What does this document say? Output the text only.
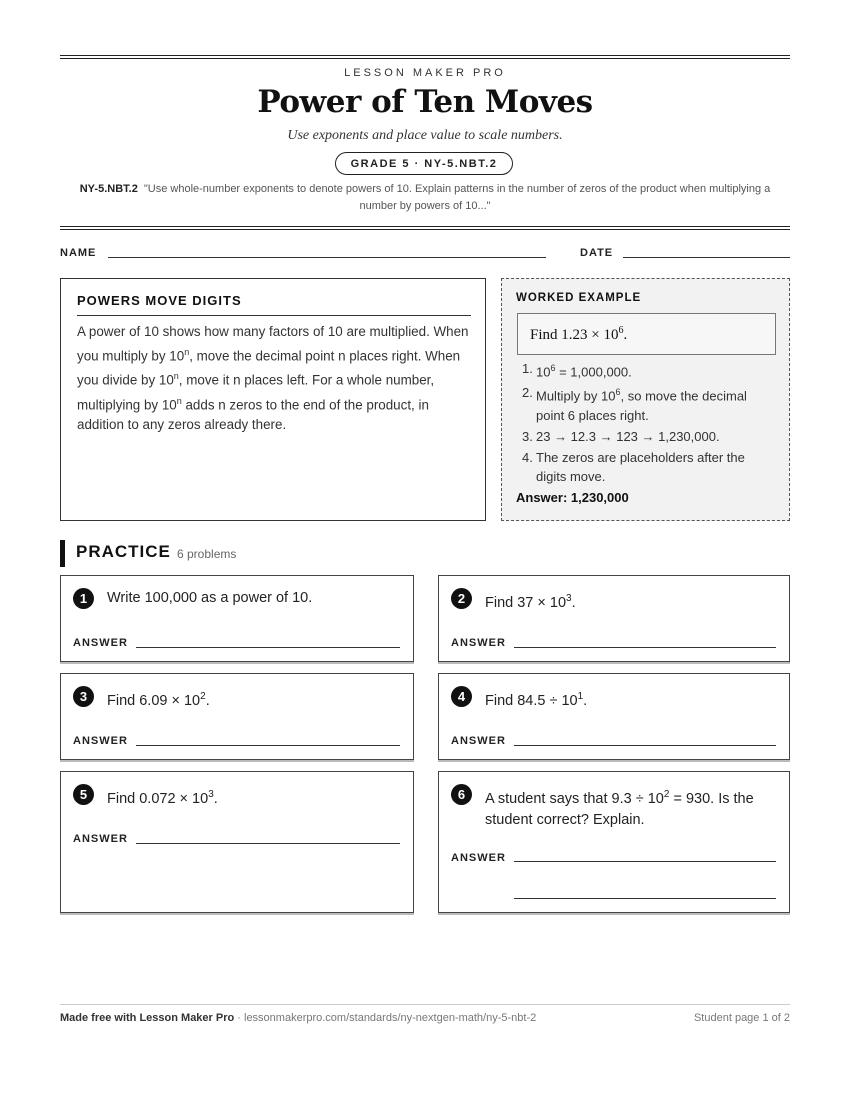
LESSON MAKER PRO
Power of Ten Moves
Use exponents and place value to scale numbers.
GRADE 5 · NY-5.NBT.2
NY-5.NBT.2 "Use whole-number exponents to denote powers of 10. Explain patterns in the number of zeros of the product when multiplying a number by powers of 10..."
NAME	DATE
POWERS MOVE DIGITS
A power of 10 shows how many factors of 10 are multiplied. When you multiply by 10$^n$, move the decimal point n places right. When you divide by 10$^n$, move it n places left. For a whole number, multiplying by 10$^n$ adds n zeros to the end of the product, in addition to any zeros already there.
WORKED EXAMPLE
Find $1.23 \times 10^6$.
1. $10^6 = 1,000,000$.
2. Multiply by $10^6$, so move the decimal point 6 places right.
3. 23 → 12.3 → 123 → 1,230,000.
4. The zeros are placeholders after the digits move.
Answer: 1,230,000
PRACTICE 6 problems
1	Write 100,000 as a power of 10.
ANSWER
2	Find $37 \times 10^3$.
ANSWER
3	Find $6.09 \times 10^2$.
ANSWER
4	Find $84.5 \div 10^1$.
ANSWER
5	Find $0.072 \times 10^3$.
ANSWER
6	A student says that $9.3 \div 10^2 = 930$. Is the student correct? Explain.
ANSWER
Made free with Lesson Maker Pro · lessonmakerpro.com/standards/ny-nextgen-math/ny-5-nbt-2	Student page 1 of 2
